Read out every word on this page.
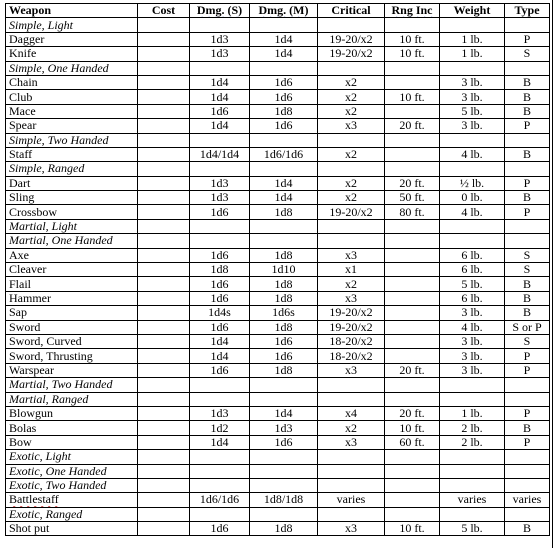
Weapon	Cost	Dmg. (S)	Dmg. (M)	Critical	Rng Inc	Weight	Type
Simple, Light							
Dagger		1d3	1d4	19-20/x2	10 ft.	1 lb.	P
Knife		1d3	1d4	19-20/x2	10 ft.	1 lb.	S
Simple, One Handed							
Chain		1d4	1d6	x2		3 lb.	B
Club		1d4	1d6	x2	10 ft.	3 lb.	B
Mace		1d6	1d8	x2		5 lb.	B
Spear		1d4	1d6	x3	20 ft.	3 lb.	P
Simple, Two Handed							
Staff		1d4/1d4	1d6/1d6	x2		4 lb.	B
Simple, Ranged							
Dart		1d3	1d4	x2	20 ft.	½ lb.	P
Sling		1d3	1d4	x2	50 ft.	0 lb.	B
Crossbow		1d6	1d8	19-20/x2	80 ft.	4 lb.	P
Martial, Light							
Martial, One Handed							
Axe		1d6	1d8	x3		6 lb.	S
Cleaver		1d8	1d10	x1		6 lb.	S
Flail		1d6	1d8	x2		5 lb.	B
Hammer		1d6	1d8	x3		6 lb.	B
Sap		1d4s	1d6s	19-20/x2		3 lb.	B
Sword		1d6	1d8	19-20/x2		4 lb.	S or P
Sword, Curved		1d4	1d6	18-20/x2		3 lb.	S
Sword, Thrusting		1d4	1d6	18-20/x2		3 lb.	P
Warspear		1d6	1d8	x3	20 ft.	3 lb.	P
Martial, Two Handed							
Martial, Ranged							
Blowgun		1d3	1d4	x4	20 ft.	1 lb.	P
Bolas		1d2	1d3	x2	10 ft.	2 lb.	B
Bow		1d4	1d6	x3	60 ft.	2 lb.	P
Exotic, Light							
Exotic, One Handed							
Exotic, Two Handed							
Battlestaff		1d6/1d6	1d8/1d8	varies		varies	varies
Exotic, Ranged							
Shot put		1d6	1d8	x3	10 ft.	5 lb.	B
